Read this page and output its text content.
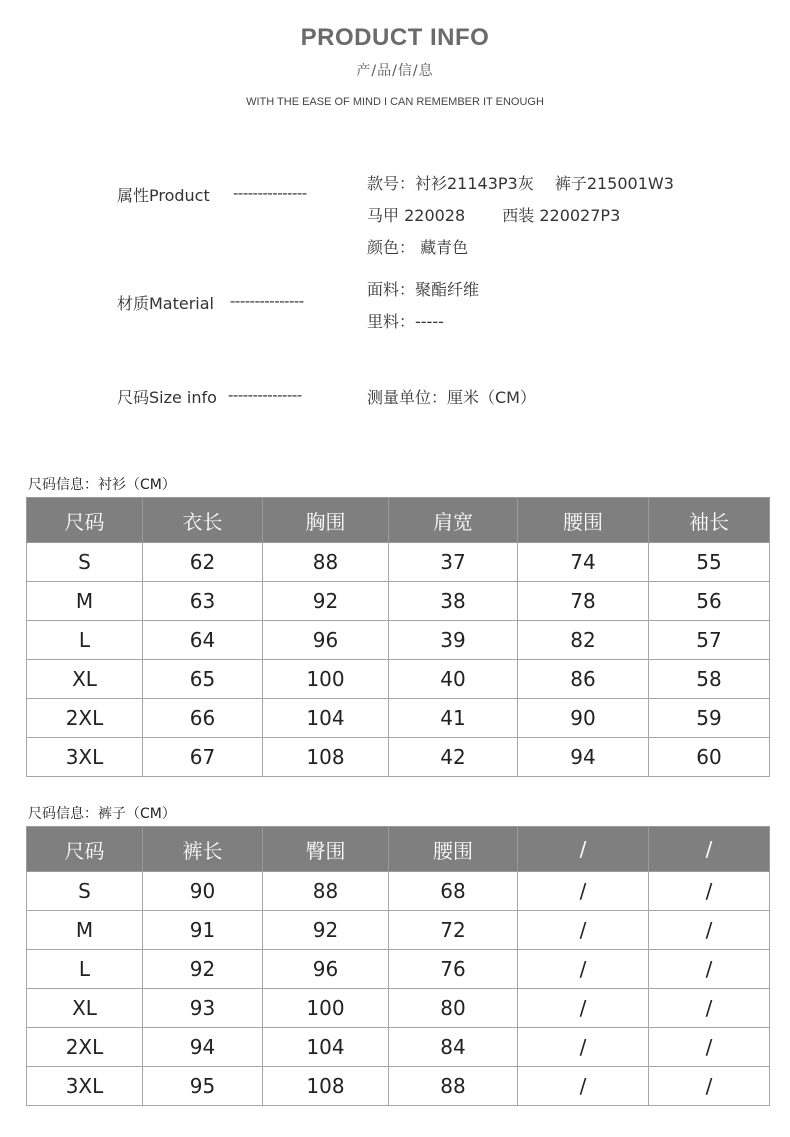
PRODUCT INFO
产/品/信/息
WITH THE EASE OF MIND I CAN REMEMBER IT ENOUGH
属性Product ---------------	款号：衬衫21143P3灰　 裤子215001W3
马甲 220028　　 西装 220027P3
颜色： 藏青色
材质Material ---------------
面料：聚酯纤维
里料：-----
尺码Size info ---------------	测量单位：厘米（CM）
尺码信息：衬衫（CM）
尺码	衣长	胸围	肩宽	腰围	袖长
S	62	88	37	74	55
M	63	92	38	78	56
L	64	96	39	82	57
XL	65	100	40	86	58
2XL	66	104	41	90	59
3XL	67	108	42	94	60
尺码信息：裤子（CM）
尺码	裤长	臀围	腰围	/	/
S	90	88	68	/	/
M	91	92	72	/	/
L	92	96	76	/	/
XL	93	100	80	/	/
2XL	94	104	84	/	/
3XL	95	108	88	/	/
